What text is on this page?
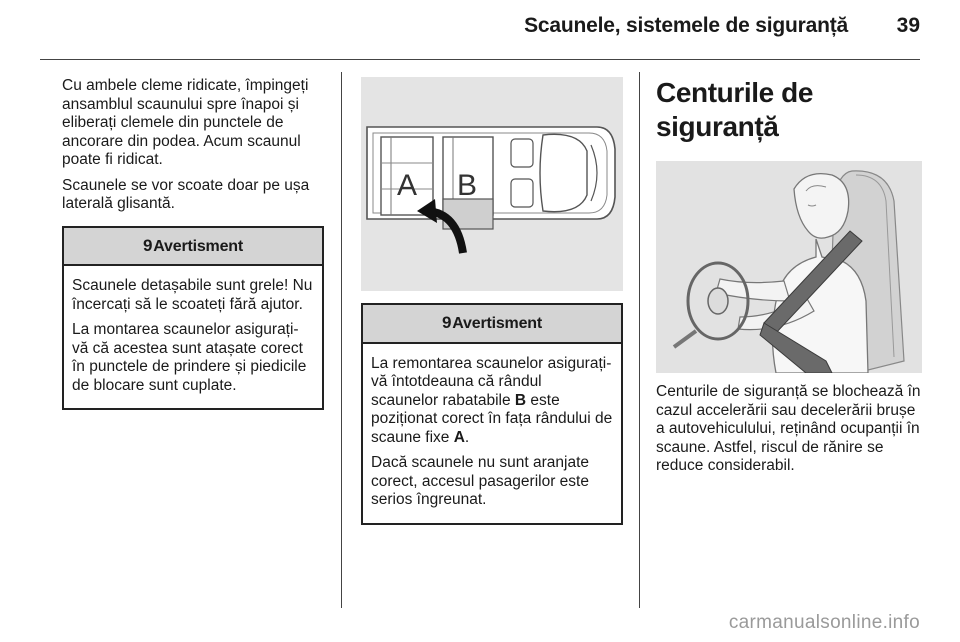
Scaunele, sistemele de siguranță 39

Cu ambele cleme ridicate, împingeți ansamblul scaunului spre înapoi și eliberați clemele din punctele de ancorare din podea. Acum scaunul poate fi ridicat.

Scaunele se vor scoate doar pe ușa laterală glisantă.

9Avertisment

Scaunele detașabile sunt grele! Nu încercați să le scoateți fără ajutor.

La montarea scaunelor asigurați-vă că acestea sunt atașate corect în punctele de prindere și piedicile de blocare sunt cuplate.

A B
9Avertisment

La remontarea scaunelor asigurați-vă întotdeauna că rândul scaunelor rabatabile B este poziționat corect în fața rândului de scaune fixe A.

Dacă scaunele nu sunt aranjate corect, accesul pasagerilor este serios îngreunat.

Centurile de siguranță

Centurile de siguranță se blochează în cazul accelerării sau decelerării brușe a autovehiculului, reținând ocupanții în scaune. Astfel, riscul de rănire se reduce considerabil.

carmanualsonline.info
